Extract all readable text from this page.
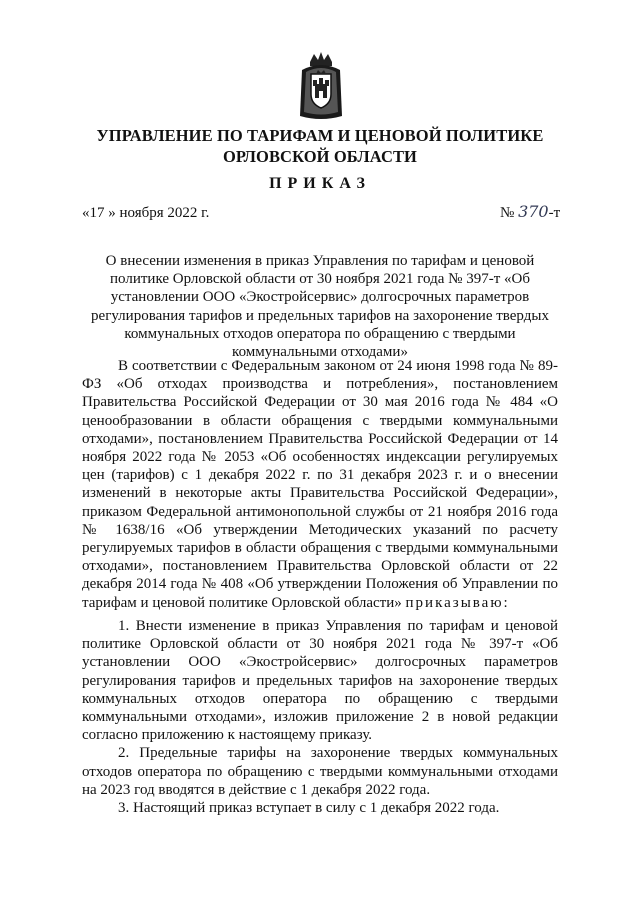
УПРАВЛЕНИЕ ПО ТАРИФАМ И ЦЕНОВОЙ ПОЛИТИКЕ
ОРЛОВСКОЙ ОБЛАСТИ
ПРИКАЗ
«17 » ноября 2022 г.	№ 370-т
О внесении изменения в приказ Управления по тарифам и ценовой политике Орловской области от 30 ноября 2021 года № 397-т «Об установлении ООО «Экостройсервис» долгосрочных параметров регулирования тарифов и предельных тарифов на захоронение твердых коммунальных отходов оператора по обращению с твердыми коммунальными отходами»

В соответствии с Федеральным законом от 24 июня 1998 года № 89-ФЗ «Об отходах производства и потребления», постановлением Правительства Российской Федерации от 30 мая 2016 года № 484 «О ценообразовании в области обращения с твердыми коммунальными отходами», постановлением Правительства Российской Федерации от 14 ноября 2022 года № 2053 «Об особенностях индексации регулируемых цен (тарифов) с 1 декабря 2022 г. по 31 декабря 2023 г. и о внесении изменений в некоторые акты Правительства Российской Федерации», приказом Федеральной антимонопольной службы от 21 ноября 2016 года № 1638/16 «Об утверждении Методических указаний по расчету регулируемых тарифов в области обращения с твердыми коммунальными отходами», постановлением Правительства Орловской области от 22 декабря 2014 года № 408 «Об утверждении Положения об Управлении по тарифам и ценовой политике Орловской области» приказываю:

1. Внести изменение в приказ Управления по тарифам и ценовой политике Орловской области от 30 ноября 2021 года № 397-т «Об установлении ООО «Экостройсервис» долгосрочных параметров регулирования тарифов и предельных тарифов на захоронение твердых коммунальных отходов оператора по обращению с твердыми коммунальными отходами», изложив приложение 2 в новой редакции согласно приложению к настоящему приказу.

2. Предельные тарифы на захоронение твердых коммунальных отходов оператора по обращению с твердыми коммунальными отходами на 2023 год вводятся в действие с 1 декабря 2022 года.

3. Настоящий приказ вступает в силу с 1 декабря 2022 года.
